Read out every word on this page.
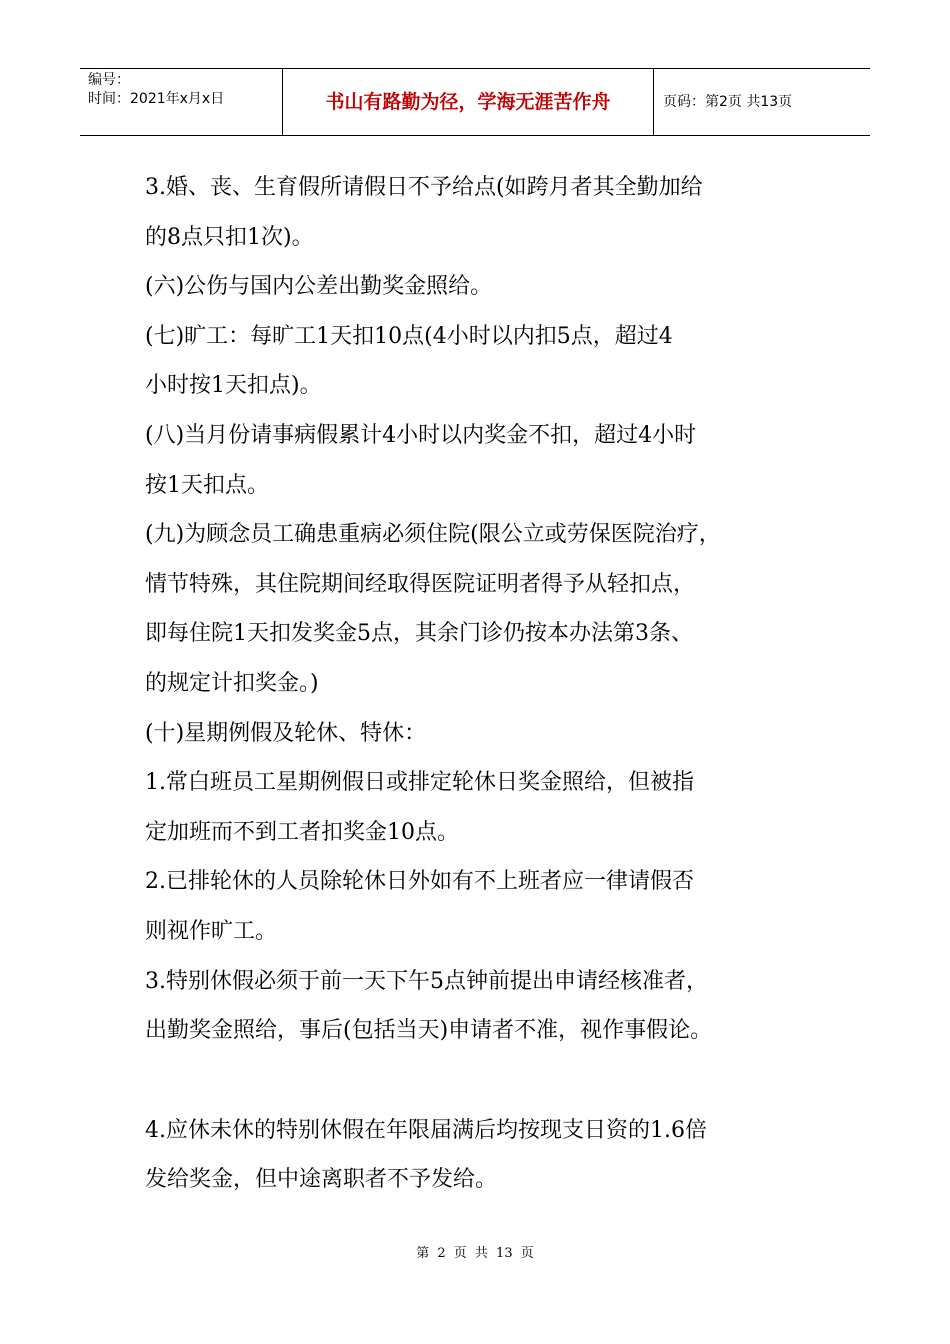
编号：
时间：2021年x月x日	书山有路勤为径，学海无涯苦作舟	页码：第2页 共13页

3.婚、丧、生育假所请假日不予给点(如跨月者其全勤加给

的8点只扣1次)。

(六)公伤与国内公差出勤奖金照给。

(七)旷工：每旷工1天扣10点(4小时以内扣5点，超过4

小时按1天扣点)。

(八)当月份请事病假累计4小时以内奖金不扣，超过4小时

按1天扣点。

(九)为顾念员工确患重病必须住院(限公立或劳保医院治疗，

情节特殊，其住院期间经取得医院证明者得予从轻扣点，

即每住院1天扣发奖金5点，其余门诊仍按本办法第3条、

的规定计扣奖金。)

(十)星期例假及轮休、特休：

1.常白班员工星期例假日或排定轮休日奖金照给，但被指

定加班而不到工者扣奖金10点。

2.已排轮休的人员除轮休日外如有不上班者应一律请假否

则视作旷工。

3.特别休假必须于前一天下午5点钟前提出申请经核准者，

出勤奖金照给，事后(包括当天)申请者不准，视作事假论。

4.应休未休的特别休假在年限届满后均按现支日资的1.6倍

发给奖金，但中途离职者不予发给。

第 2 页 共 13 页
